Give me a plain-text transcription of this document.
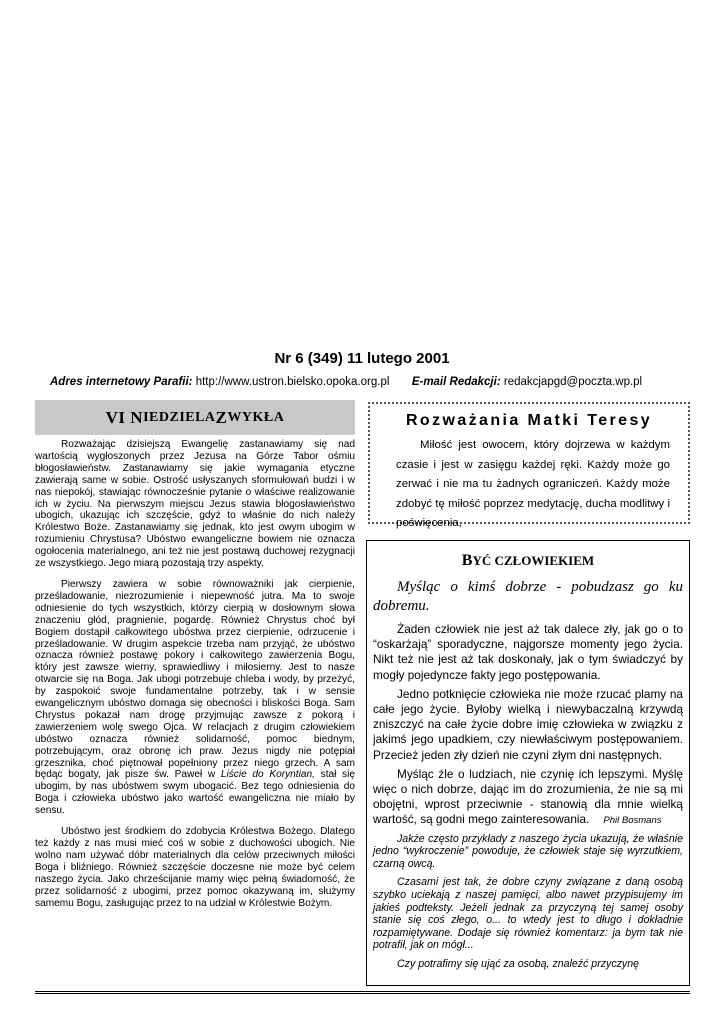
Nr 6 (349) 11 lutego 2001
Adres internetowy Parafii: http://www.ustron.bielsko.opoka.org.pl E-mail Redakcji: redakcjapgd@poczta.wp.pl
VI N IEDZIELA Z WYKŁA

Rozważając dzisiejszą Ewangelię zastanawiamy się nad wartością wygłoszonych przez Jezusa na Górze Tabor ośmiu błogosławieństw. Zastanawiamy się jakie wymagania etyczne zawierają same w sobie. Ostrość usłyszanych sformułowań budzi i w nas niepokój, stawiając równocześnie pytanie o właściwe realizowanie ich w życiu. Na pierwszym miejscu Jezus stawia błogosławieństwo ubogich, ukazując ich szczęście, gdyż to właśnie do nich należy Królestwo Boże. Zastanawiamy się jednak, kto jest owym ubogim w rozumieniu Chrystusa? Ubóstwo ewangeliczne bowiem nie oznacza ogołocenia materialnego, ani też nie jest postawą duchowej rezygnacji ze wszystkiego. Jego miarą pozostają trzy aspekty.

Pierwszy zawiera w sobie równoważniki jak cierpienie, prześladowanie, niezrozumienie i niepewność jutra. Ma to swoje odniesienie do tych wszystkich, którzy cierpią w dosłownym słowa znaczeniu głód, pragnienie, pogardę. Również Chrystus choć był Bogiem dostąpił całkowitego ubóstwa przez cierpienie, odrzucenie i prześladowanie. W drugim aspekcie trzeba nam przyjąć, że ubóstwo oznacza również postawę pokory i całkowitego zawierzenia Bogu, który jest zawsze wierny, sprawiedliwy i miłosierny. Jest to nasze otwarcie się na Boga. Jak ubogi potrzebuje chleba i wody, by przeżyć, by zaspokoić swoje fundamentalne potrzeby, tak i w sensie ewangelicznym ubóstwo domaga się obecności i bliskości Boga. Sam Chrystus pokazał nam drogę przyjmując zawsze z pokorą i zawierzeniem wolę swego Ojca. W relacjach z drugim człowiekiem ubóstwo oznacza również solidarność, pomoc biednym, potrzebującym, oraz obronę ich praw. Jezus nigdy nie potępiał grzesznika, choć piętnował popełniony przez niego grzech. A sam będąc bogaty, jak pisze św. Paweł w Liście do Koryntian, stał się ubogim, by nas ubóstwem swym ubogacić. Bez tego odniesienia do Boga i człowieka ubóstwo jako wartość ewangeliczna nie miało by sensu.

Ubóstwo jest środkiem do zdobycia Królestwa Bożego. Dlatego też każdy z nas musi mieć coś w sobie z duchowości ubogich. Nie wolno nam używać dóbr materialnych dla celów przeciwnych miłości Boga i bliźniego. Również szczęście doczesne nie może być celem naszego życia. Jako chrześcijanie mamy więc pełną świadomość, że przez solidarność z ubogimi, przez pomoc okazywaną im, służymy samemu Bogu, zasługując przez to na udział w Królestwie Bożym.

Rozważania Matki Teresy
Miłość jest owocem, który dojrzewa w każdym czasie i jest w zasięgu każdej ręki. Każdy może go zerwać i nie ma tu żadnych ograniczeń. Każdy może zdobyć tę miłość poprzez medytację, ducha modlitwy i poświęcenia,
BYĆ CZŁOWIEKIEM

Myśląc o kimś dobrze - pobudzasz go ku dobremu.

Żaden człowiek nie jest aż tak dalece zły, jak go o to “oskarżają” sporadyczne, najgorsze momenty jego życia. Nikt też nie jest aż tak doskonały, jak o tym świadczyć by mogły pojedyncze fakty jego postępowania.

Jedno potknięcie człowieka nie może rzucać plamy na całe jego życie. Byłoby wielką i niewybaczalną krzywdą zniszczyć na całe życie dobre imię człowieka w związku z jakimś jego upadkiem, czy niewłaściwym postępowaniem. Przecież jeden zły dzień nie czyni złym dni następnych.

Myśląc źle o ludziach, nie czynię ich lepszymi. Myślę więc o nich dobrze, dając im do zrozumienia, że nie są mi obojętni, wprost przeciwnie - stanowią dla mnie wielką wartość, są godni mego zainteresowania. Phil Bosmans

Jakże często przykłady z naszego życia ukazują, że właśnie jedno “wykroczenie” powoduje, że człowiek staje się wyrzutkiem, czarną owcą.

Czasami jest tak, że dobre czyny związane z daną osobą szybko uciekają z naszej pamięci, albo nawet przypisujemy im jakieś podteksty. Jeżeli jednak za przyczyną tej samej osoby stanie się coś złego, o... to wtedy jest to długo i dokładnie rozpamiętywane. Dodaje się również komentarz: ja bym tak nie potrafił, jak on mógł...

Czy potrafimy się ująć za osobą, znaleźć przyczynę
